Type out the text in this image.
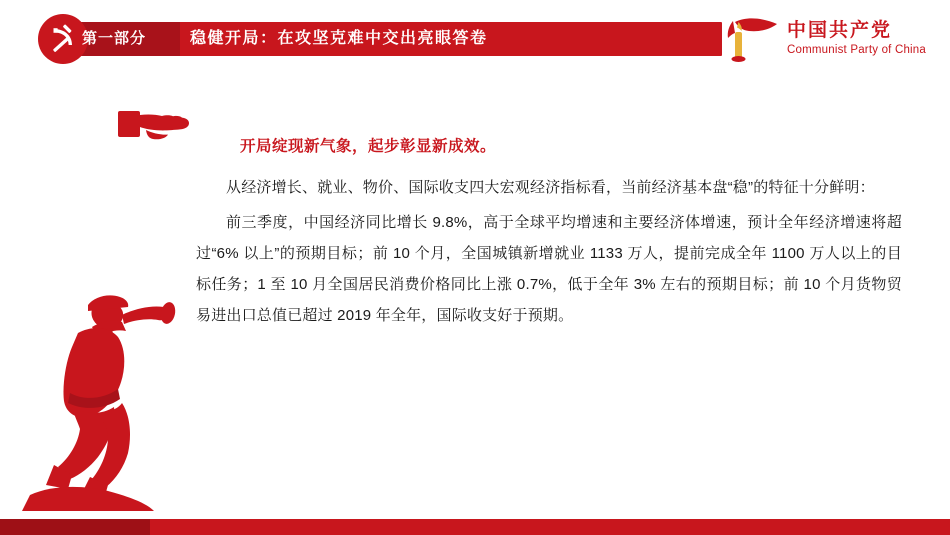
第一部分	稳健开局：在攻坚克难中交出亮眼答卷	中国共产党
Communist Party of China

开局绽现新气象，起步彰显新成效。

从经济增长、就业、物价、国际收支四大宏观经济指标看，当前经济基本盘“稳”的特征十分鲜明：

前三季度，中国经济同比增长 9.8%，高于全球平均增速和主要经济体增速，预计全年经济增速将超过“6% 以上”的预期目标；前 10 个月，全国城镇新增就业 1133 万人，提前完成全年 1100 万人以上的目标任务；1 至 10 月全国居民消费价格同比上涨 0.7%，低于全年 3% 左右的预期目标；前 10 个月货物贸易进出口总值已超过 2019 年全年，国际收支好于预期。
